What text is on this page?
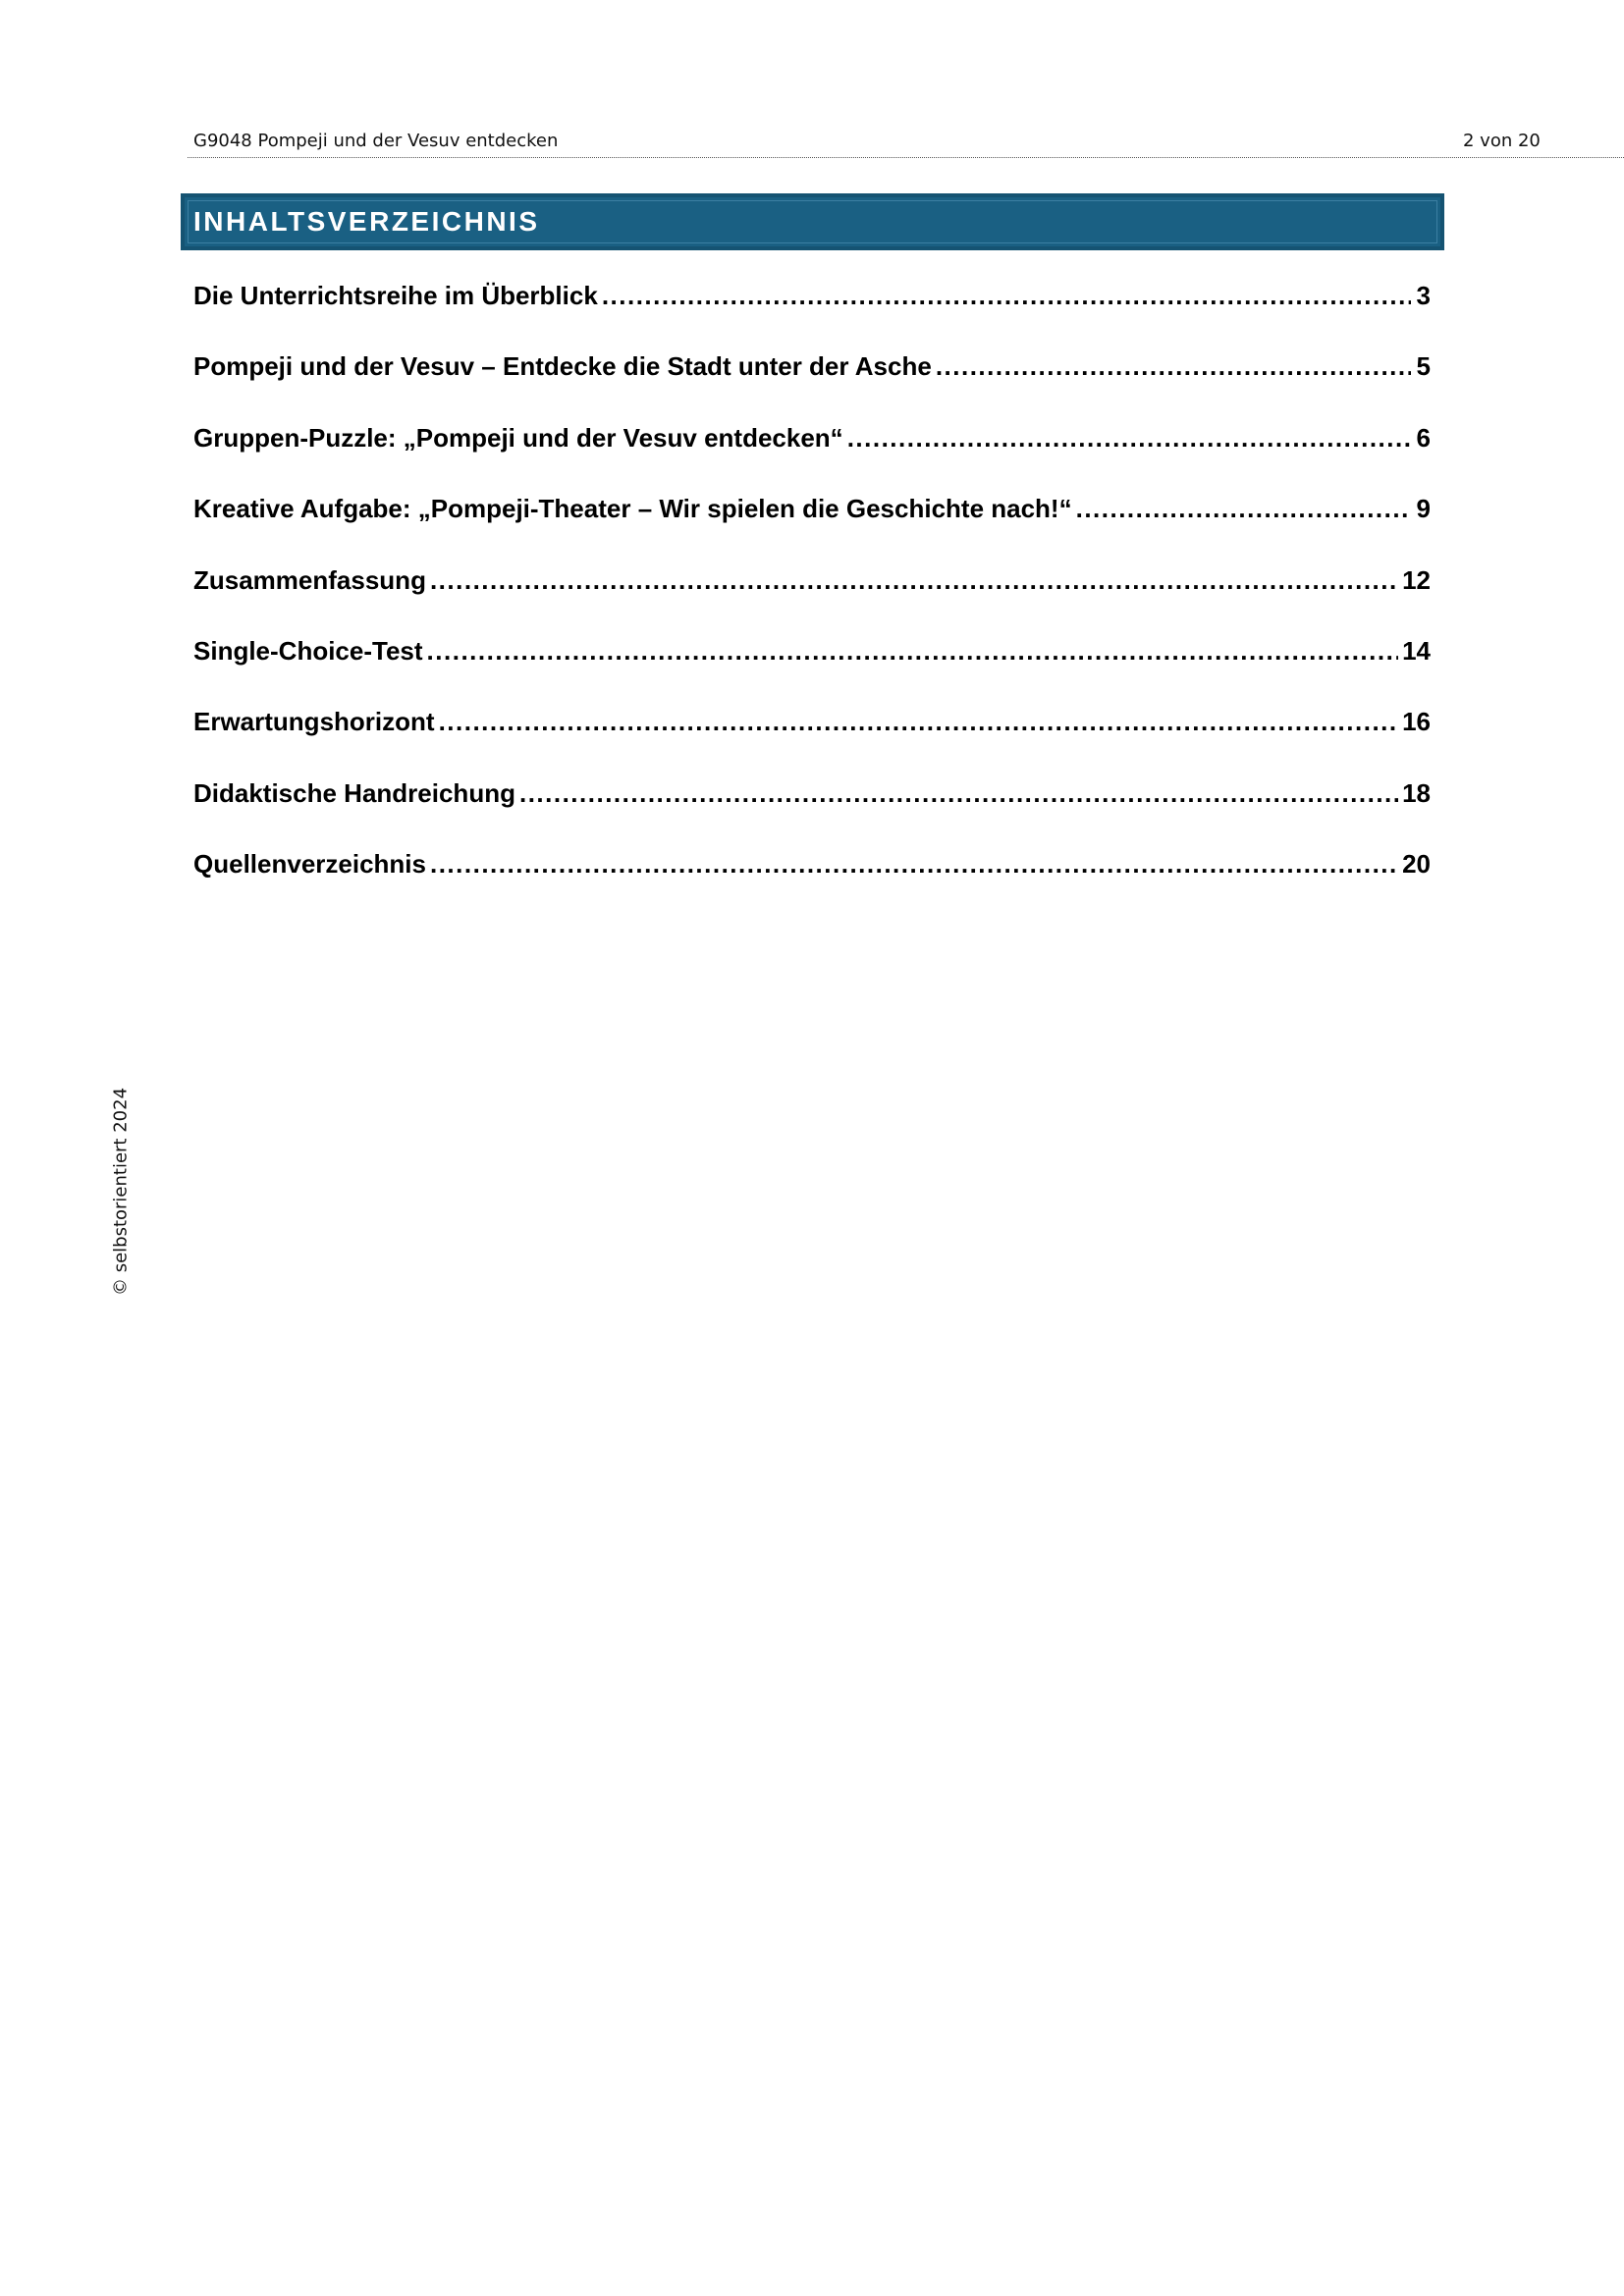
G9048 Pompeji und der Vesuv entdecken	2 von 20
INHALTSVERZEICHNIS
Die Unterrichtsreihe im Überblick .....	3
Pompeji und der Vesuv – Entdecke die Stadt unter der Asche .....	5
Gruppen-Puzzle: „Pompeji und der Vesuv entdecken“ .....	6
Kreative Aufgabe: „Pompeji-Theater – Wir spielen die Geschichte nach!“ .....	9
Zusammenfassung .....	12
Single-Choice-Test .....	14
Erwartungshorizont .....	16
Didaktische Handreichung .....	18
Quellenverzeichnis .....	20
© selbstorientiert 2024
